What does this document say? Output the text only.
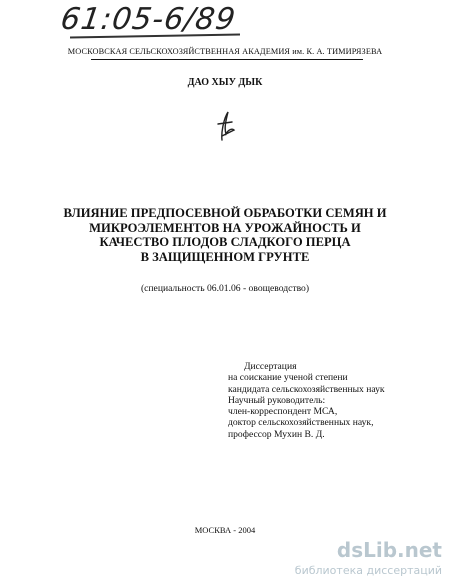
61:05-6/89
МОСКОВСКАЯ СЕЛЬСКОХОЗЯЙСТВЕННАЯ АКАДЕМИЯ им. К. А. ТИМИРЯЗЕВА
ДАО ХЫУ ДЫК
ВЛИЯНИЕ ПРЕДПОСЕВНОЙ ОБРАБОТКИ СЕМЯН И
МИКРОЭЛЕМЕНТОВ НА УРОЖАЙНОСТЬ И
КАЧЕСТВО ПЛОДОВ СЛАДКОГО ПЕРЦА
В ЗАЩИЩЕННОМ ГРУНТЕ
(специальность 06.01.06 - овощеводство)
Диссертация
на соискание ученой степени
кандидата сельскохозяйственных наук
Научный руководитель:
член-корреспондент МСА,
доктор сельскохозяйственных наук,
профессор Мухин В. Д.
МОСКВА - 2004
dsLib.net
библиотека диссертаций
